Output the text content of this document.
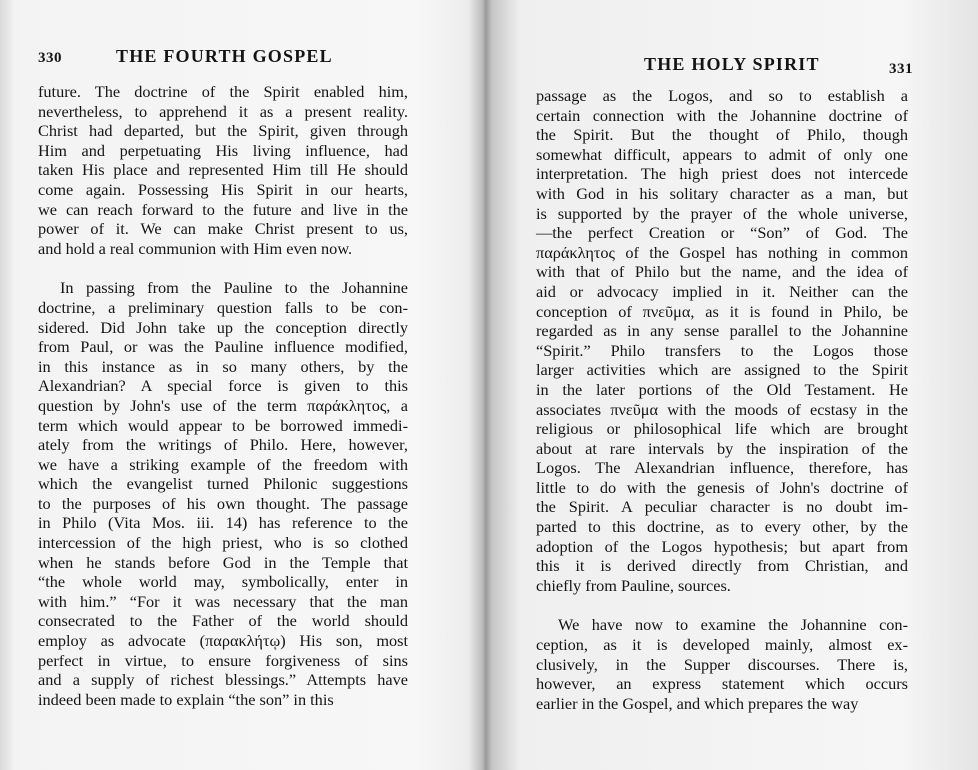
330	THE FOURTH GOSPEL
future. The doctrine of the Spirit enabled him,
nevertheless, to apprehend it as a present reality.
Christ had departed, but the Spirit, given through
Him and perpetuating His living influence, had
taken His place and represented Him till He should
come again. Possessing His Spirit in our hearts,
we can reach forward to the future and live in the
power of it. We can make Christ present to us,
and hold a real communion with Him even now.
In passing from the Pauline to the Johannine
doctrine, a preliminary question falls to be con-
sidered. Did John take up the conception directly
from Paul, or was the Pauline influence modified,
in this instance as in so many others, by the
Alexandrian? A special force is given to this
question by John's use of the term παράκλητος, a
term which would appear to be borrowed immedi-
ately from the writings of Philo. Here, however,
we have a striking example of the freedom with
which the evangelist turned Philonic suggestions
to the purposes of his own thought. The passage
in Philo (Vita Mos. iii. 14) has reference to the
intercession of the high priest, who is so clothed
when he stands before God in the Temple that
“the whole world may, symbolically, enter in
with him.” “For it was necessary that the man
consecrated to the Father of the world should
employ as advocate (παρακλήτῳ) His son, most
perfect in virtue, to ensure forgiveness of sins
and a supply of richest blessings.” Attempts have
indeed been made to explain “the son” in this
THE HOLY SPIRIT	331
passage as the Logos, and so to establish a
certain connection with the Johannine doctrine of
the Spirit. But the thought of Philo, though
somewhat difficult, appears to admit of only one
interpretation. The high priest does not intercede
with God in his solitary character as a man, but
is supported by the prayer of the whole universe,
—the perfect Creation or “Son” of God. The
παράκλητος of the Gospel has nothing in common
with that of Philo but the name, and the idea of
aid or advocacy implied in it. Neither can the
conception of πνεῦμα, as it is found in Philo, be
regarded as in any sense parallel to the Johannine
“Spirit.” Philo transfers to the Logos those
larger activities which are assigned to the Spirit
in the later portions of the Old Testament. He
associates πνεῦμα with the moods of ecstasy in the
religious or philosophical life which are brought
about at rare intervals by the inspiration of the
Logos. The Alexandrian influence, therefore, has
little to do with the genesis of John's doctrine of
the Spirit. A peculiar character is no doubt im-
parted to this doctrine, as to every other, by the
adoption of the Logos hypothesis; but apart from
this it is derived directly from Christian, and
chiefly from Pauline, sources.
We have now to examine the Johannine con-
ception, as it is developed mainly, almost ex-
clusively, in the Supper discourses. There is,
however, an express statement which occurs
earlier in the Gospel, and which prepares the way
